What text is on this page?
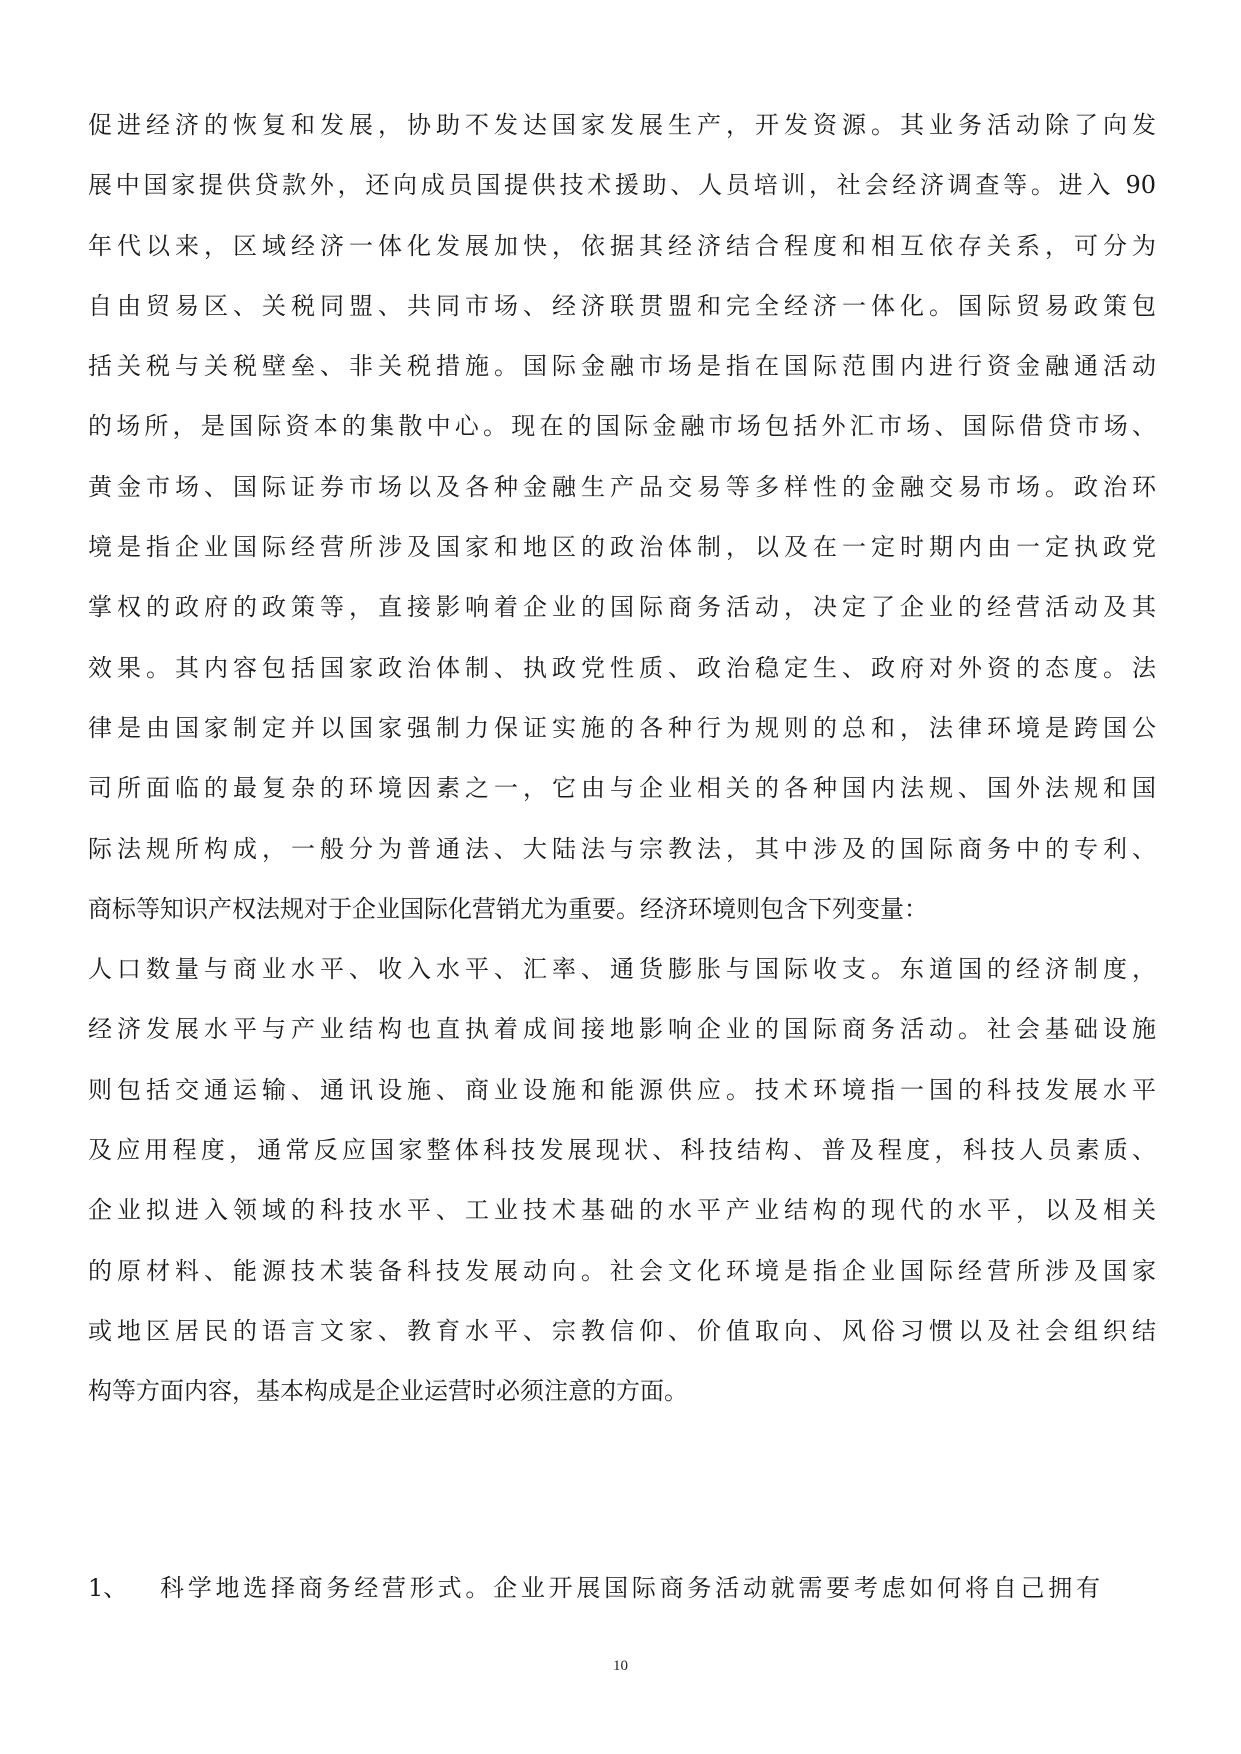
促进经济的恢复和发展，协助不发达国家发展生产，开发资源。其业务活动除了向发
展中国家提供贷款外，还向成员国提供技术援助、人员培训，社会经济调查等。进入 90
年代以来，区域经济一体化发展加快，依据其经济结合程度和相互依存关系，可分为
自由贸易区、关税同盟、共同市场、经济联贯盟和完全经济一体化。国际贸易政策包
括关税与关税壁垒、非关税措施。国际金融市场是指在国际范围内进行资金融通活动
的场所，是国际资本的集散中心。现在的国际金融市场包括外汇市场、国际借贷市场、
黄金市场、国际证券市场以及各种金融生产品交易等多样性的金融交易市场。政治环
境是指企业国际经营所涉及国家和地区的政治体制，以及在一定时期内由一定执政党
掌权的政府的政策等，直接影响着企业的国际商务活动，决定了企业的经营活动及其
效果。其内容包括国家政治体制、执政党性质、政治稳定生、政府对外资的态度。法
律是由国家制定并以国家强制力保证实施的各种行为规则的总和，法律环境是跨国公
司所面临的最复杂的环境因素之一，它由与企业相关的各种国内法规、国外法规和国
际法规所构成，一般分为普通法、大陆法与宗教法，其中涉及的国际商务中的专利、
商标等知识产权法规对于企业国际化营销尤为重要。经济环境则包含下列变量：
人口数量与商业水平、收入水平、汇率、通货膨胀与国际收支。东道国的经济制度，
经济发展水平与产业结构也直执着成间接地影响企业的国际商务活动。社会基础设施
则包括交通运输、通讯设施、商业设施和能源供应。技术环境指一国的科技发展水平
及应用程度，通常反应国家整体科技发展现状、科技结构、普及程度，科技人员素质、
企业拟进入领域的科技水平、工业技术基础的水平产业结构的现代的水平，以及相关
的原材料、能源技术装备科技发展动向。社会文化环境是指企业国际经营所涉及国家
或地区居民的语言文家、教育水平、宗教信仰、价值取向、风俗习惯以及社会组织结
构等方面内容，基本构成是企业运营时必须注意的方面。
1、 科学地选择商务经营形式。企业开展国际商务活动就需要考虑如何将自己拥有
10
